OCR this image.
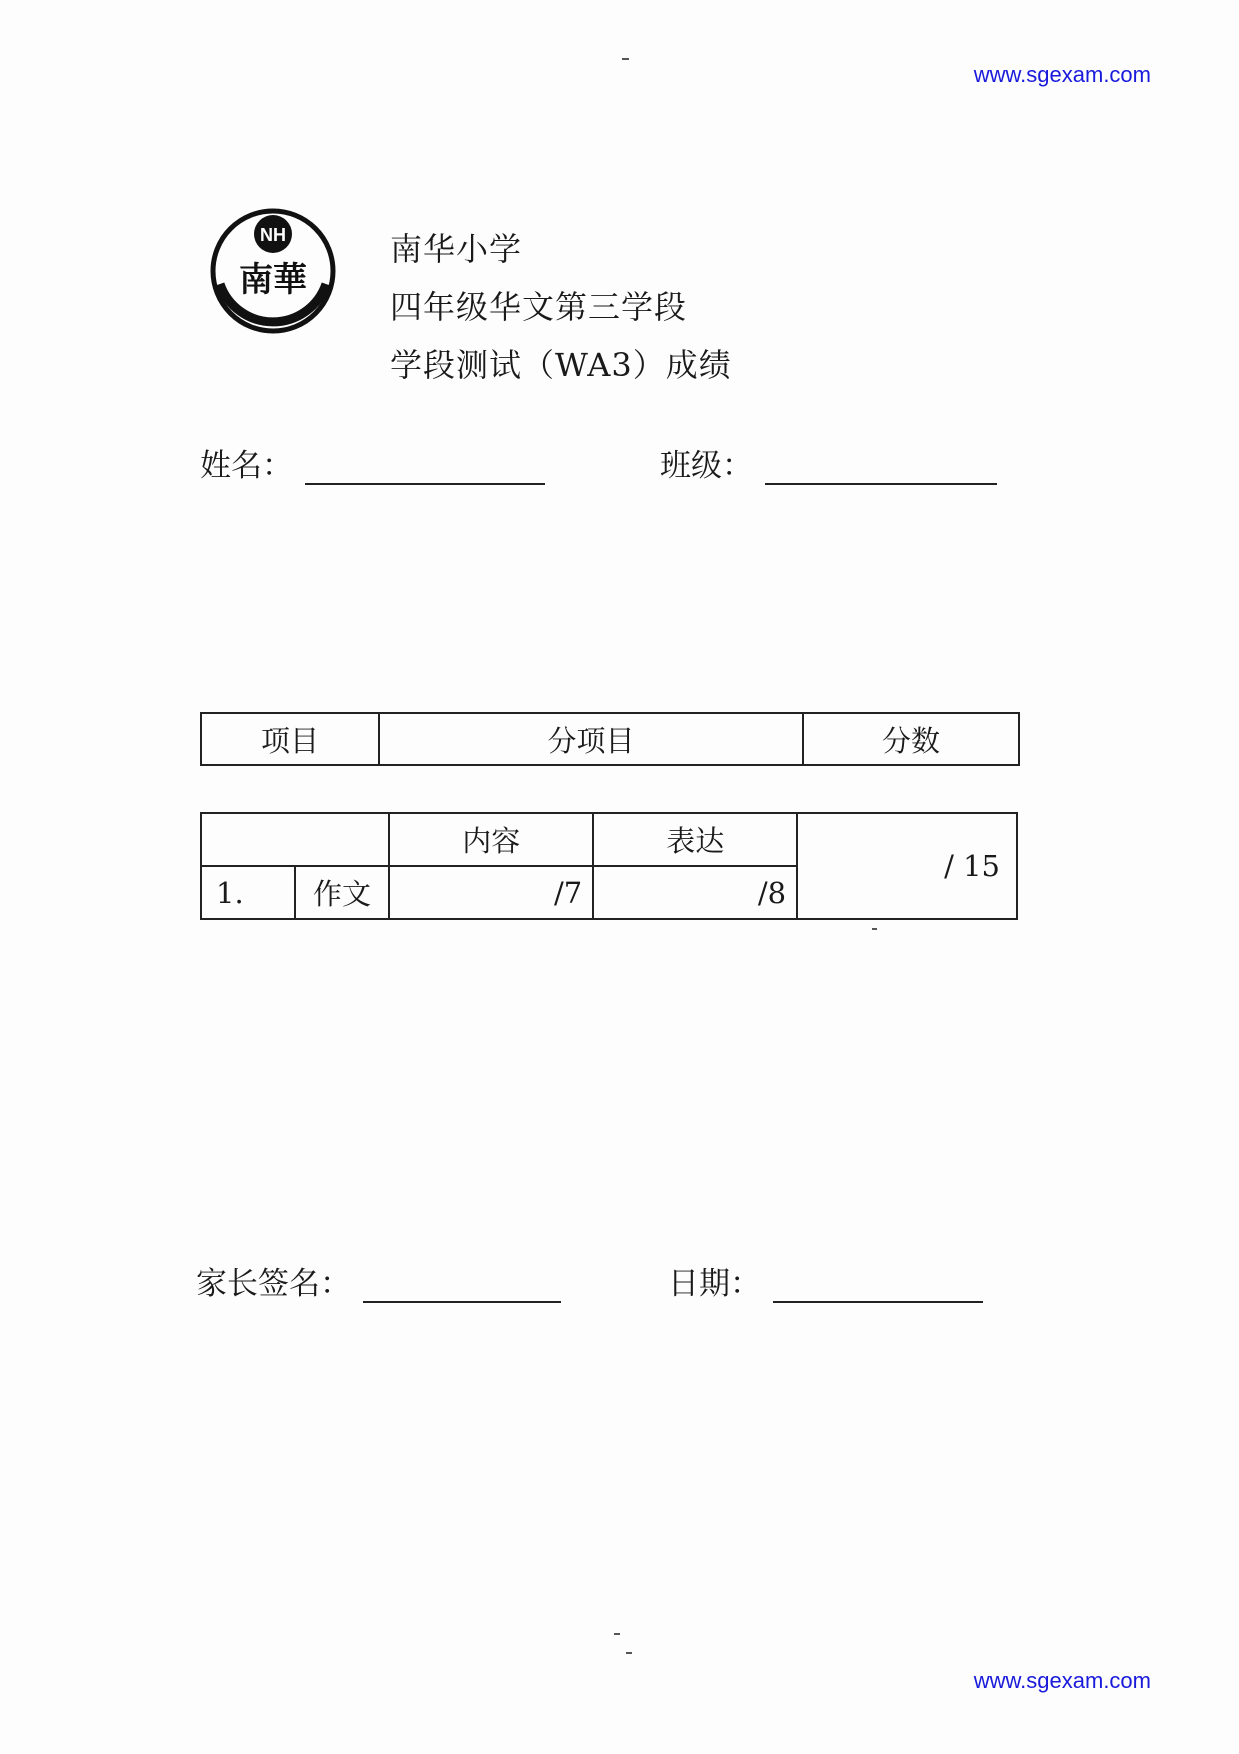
www.sgexam.com
NH
南華
南华小学
四年级华文第三学段
学段测试（WA3）成绩
姓名：	班级：
项目	分项目	分数
		内容	表达	/ 15
1.	作文	/7	/8	
家长签名：	日期：
www.sgexam.com
